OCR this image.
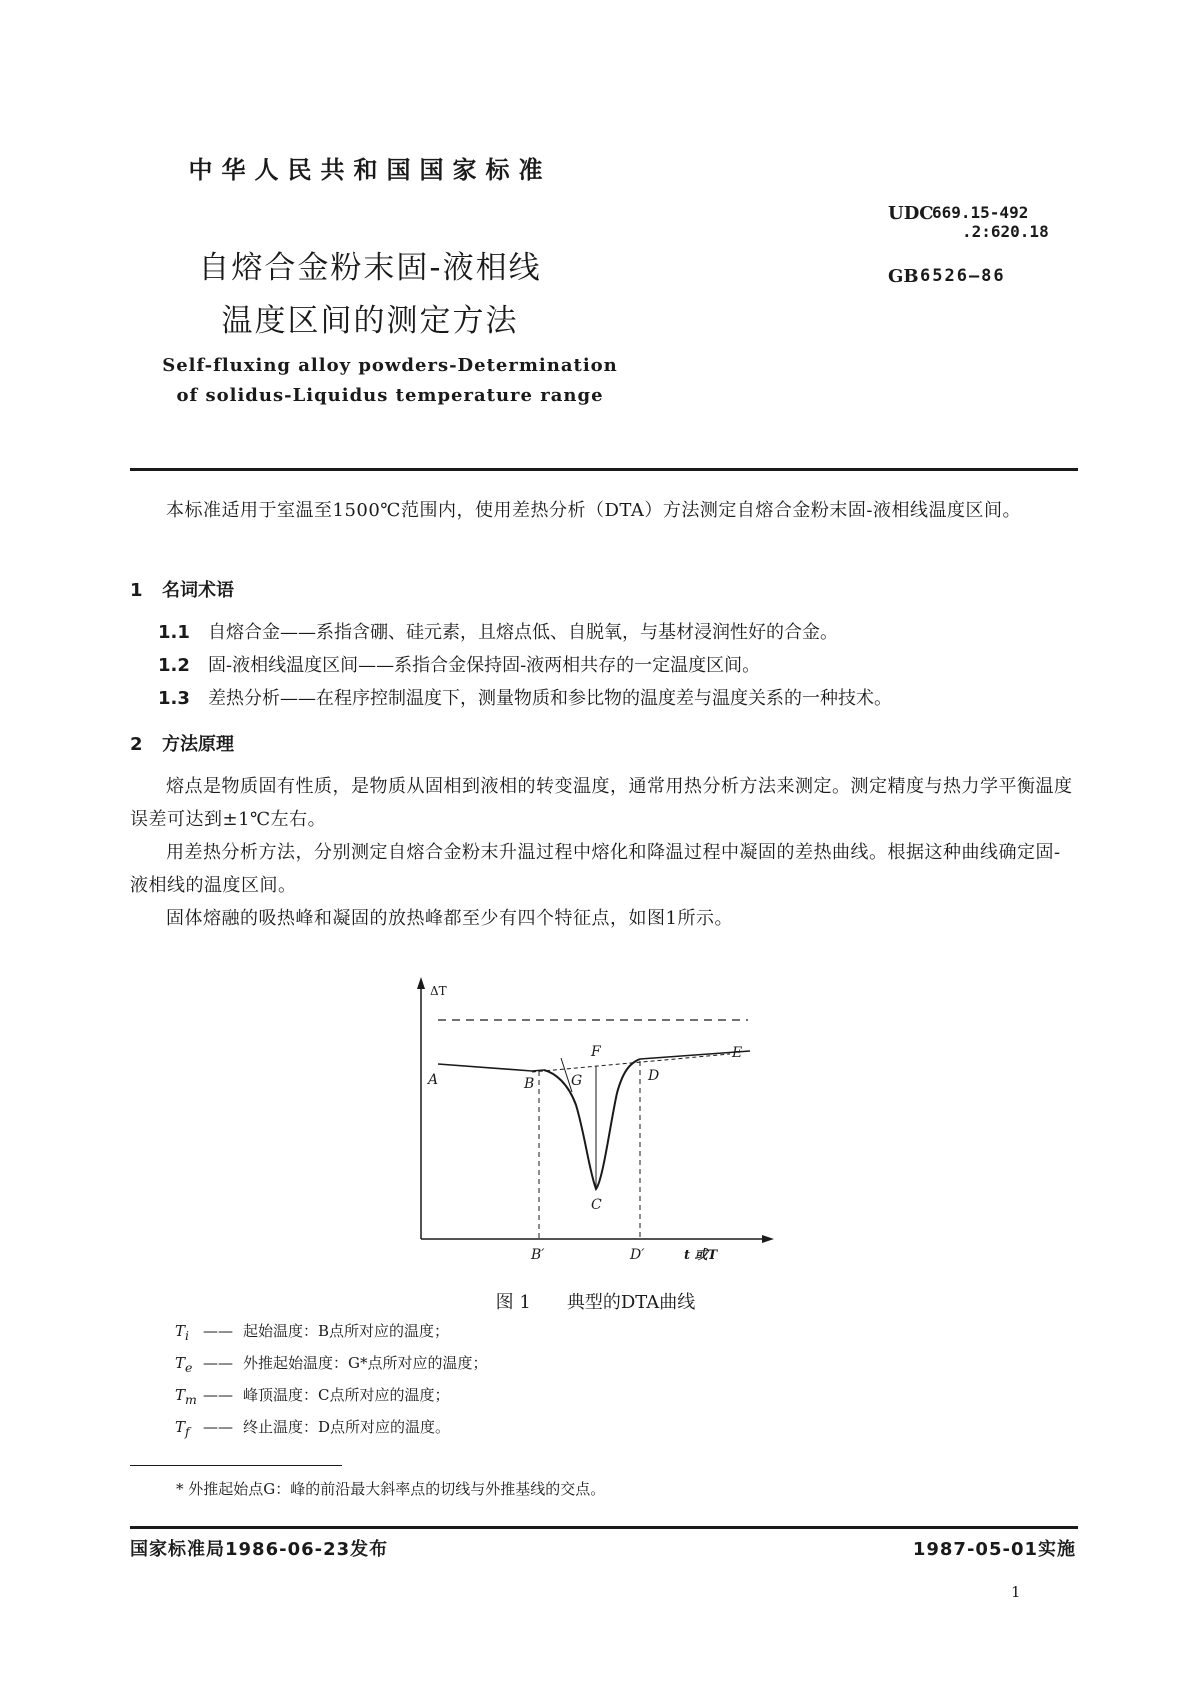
中华人民共和国国家标准
自熔合金粉末固-液相线
温度区间的测定方法
Self-fluxing alloy powders-Determination
of solidus-Liquidus temperature range
UDC
669.15-492
.2:620.18
GB 6526—86
本标准适用于室温至1500℃范围内，使用差热分析（DTA）方法测定自熔合金粉末固-液相线温度区间。
1 名词术语
1.1 自熔合金——系指含硼、硅元素，且熔点低、自脱氧，与基材浸润性好的合金。
1.2 固-液相线温度区间——系指合金保持固-液两相共存的一定温度区间。
1.3 差热分析——在程序控制温度下，测量物质和参比物的温度差与温度关系的一种技术。
2 方法原理
熔点是物质固有性质，是物质从固相到液相的转变温度，通常用热分析方法来测定。测定精度与热力学平衡温度误差可达到±1℃左右。
用差热分析方法，分别测定自熔合金粉末升温过程中熔化和降温过程中凝固的差热曲线。根据这种曲线确定固-液相线的温度区间。
固体熔融的吸热峰和凝固的放热峰都至少有四个特征点，如图1所示。
ΔT
A	B	G
F
D
E
C
B′	D′	t 或T
图 1 典型的DTA曲线
$T_i$ —— 起始温度：B点所对应的温度；
$T_e$ —— 外推起始温度：G*点所对应的温度；
$T_m$ —— 峰顶温度：C点所对应的温度；
$T_f$ —— 终止温度：D点所对应的温度。
* 外推起始点G：峰的前沿最大斜率点的切线与外推基线的交点。
国家标准局1986-06-23发布	1987-05-01实施
1
